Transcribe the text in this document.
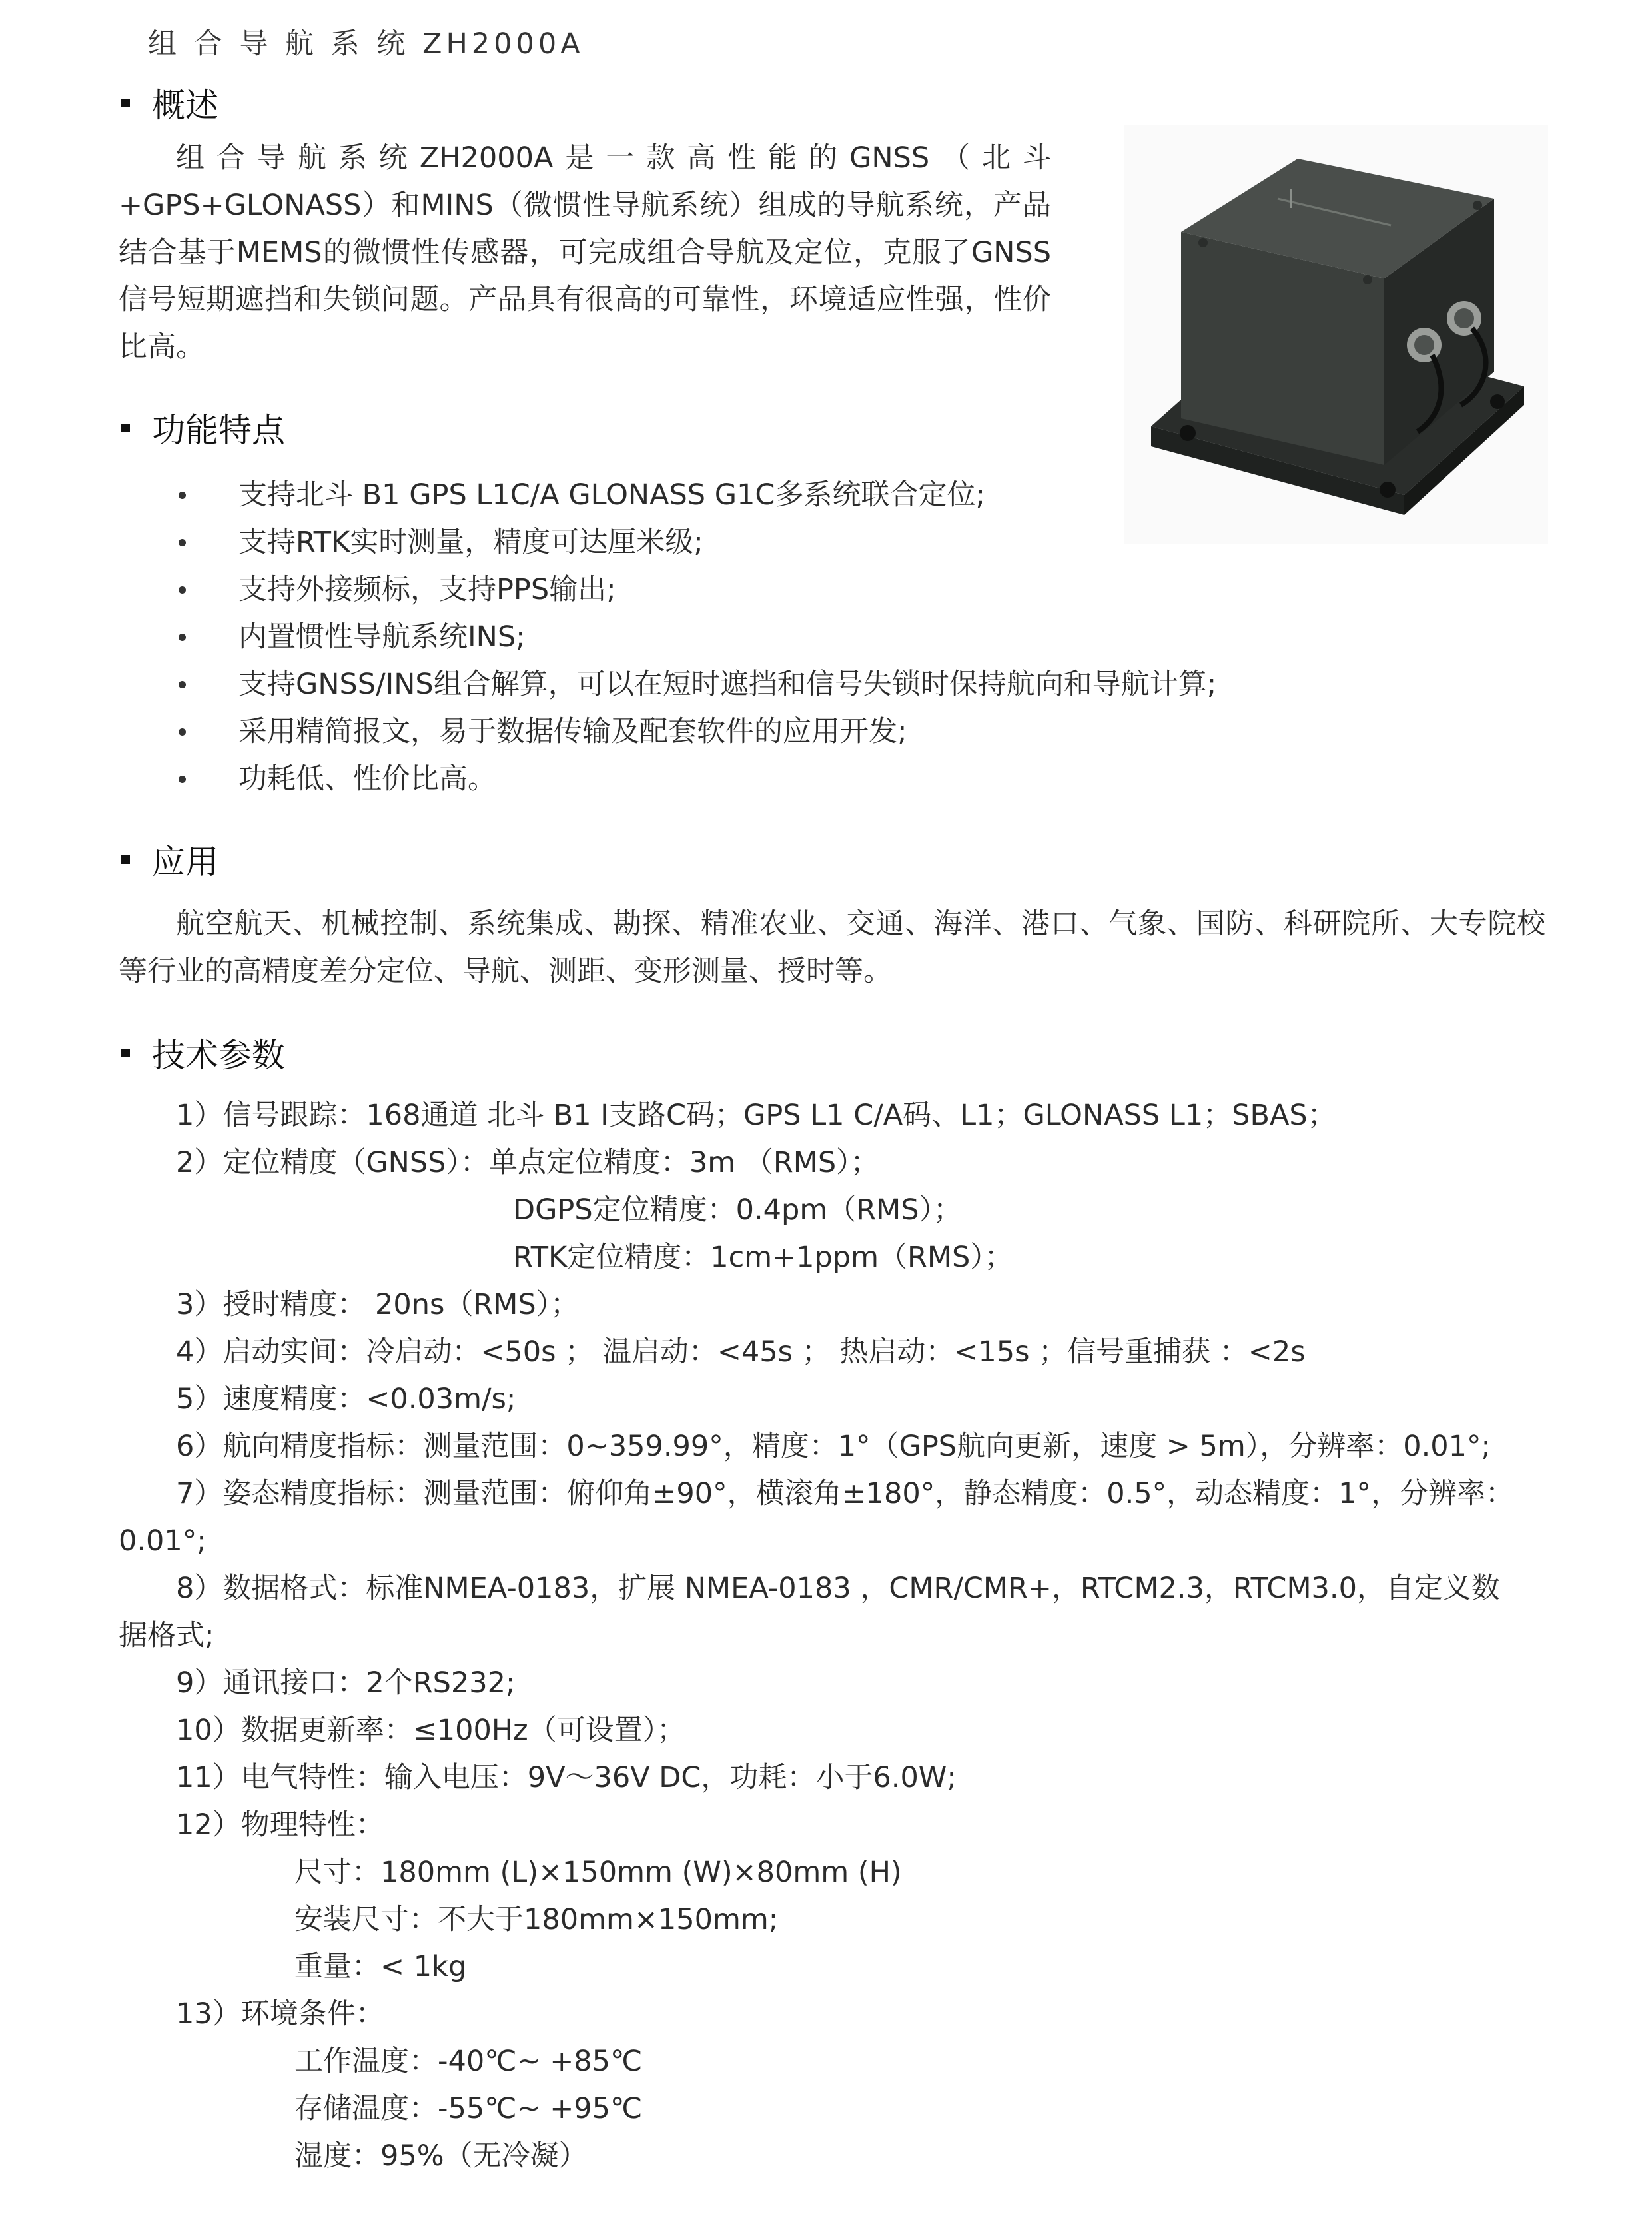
组 合 导 航 系 统 ZH2000A
概述
组合导航系统ZH2000A是一款高性能的GNSS（北斗+GPS+GLONASS）和MINS（微惯性导航系统）组成的导航系统，产品结合基于MEMS的微惯性传感器，可完成组合导航及定位，克服了GNSS信号短期遮挡和失锁问题。产品具有很高的可靠性，环境适应性强，性价比高。
功能特点
支持北斗 B1 GPS L1C/A GLONASS G1C多系统联合定位;
支持RTK实时测量，精度可达厘米级;
支持外接频标，支持PPS输出;
内置惯性导航系统INS;
支持GNSS/INS组合解算，可以在短时遮挡和信号失锁时保持航向和导航计算;
采用精简报文，易于数据传输及配套软件的应用开发;
功耗低、性价比高。
应用
航空航天、机械控制、系统集成、勘探、精准农业、交通、海洋、港口、气象、国防、科研院所、大专院校等行业的高精度差分定位、导航、测距、变形测量、授时等。
技术参数
1）信号跟踪：168通道 北斗 B1 I支路C码；GPS L1 C/A码、L1；GLONASS L1；SBAS；
2）定位精度（GNSS）：单点定位精度：3m （RMS）；
DGPS定位精度：0.4pm（RMS）；
RTK定位精度：1cm+1ppm（RMS）；
3）授时精度： 20ns（RMS）；
4）启动实间：冷启动：<50s ； 温启动：<45s ； 热启动：<15s ；信号重捕获 ：<2s
5）速度精度：<0.03m/s;
6）航向精度指标：测量范围：0~359.99°，精度：1°（GPS航向更新，速度 > 5m），分辨率：0.01°;
7）姿态精度指标：测量范围：俯仰角±90°，横滚角±180°，静态精度：0.5°，动态精度：1°，分辨率：
0.01°;
8）数据格式：标准NMEA-0183，扩展 NMEA-0183 ，CMR/CMR+，RTCM2.3，RTCM3.0，自定义数
据格式;
9）通讯接口：2个RS232;
10）数据更新率：≤100Hz（可设置）；
11）电气特性：输入电压：9V～36V DC，功耗：小于6.0W;
12）物理特性：
尺寸：180mm (L)×150mm (W)×80mm (H)
安装尺寸：不大于180mm×150mm;
重量：< 1kg
13）环境条件：
工作温度：-40℃~ +85℃
存储温度：-55℃~ +95℃
湿度：95%（无冷凝）
